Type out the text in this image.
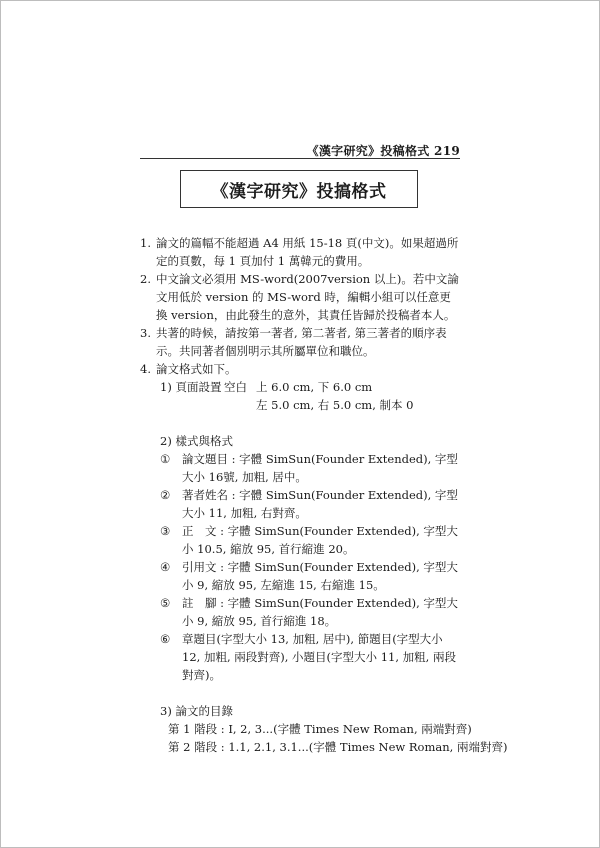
《漢字研究》投稿格式 219
《漢字研究》投搞格式
1. 論文的篇幅不能超過 A4 用紙 15-18 頁(中文)。如果超過所定的頁數，每 1 頁加付 1 萬韓元的費用。
2. 中文論文必須用 MS-word(2007version 以上)。若中文論文用低於 version 的 MS-word 時，編輯小組可以任意更換 version，由此發生的意外，其責任皆歸於投稿者本人。
3. 共著的時候，請按第一著者, 第二著者, 第三著者的順序表示。共同著者個別明示其所屬單位和職位。
4. 論文格式如下。
1) 頁面設置 空白 上 6.0 cm, 下 6.0 cm
左 5.0 cm, 右 5.0 cm, 制本 0
2) 樣式與格式
①	論文題目 : 字體 SimSun(Founder Extended), 字型大小 16號, 加粗, 居中。
②	著者姓名 : 字體 SimSun(Founder Extended), 字型大小 11, 加粗, 右對齊。
③	正　文 : 字體 SimSun(Founder Extended), 字型大小 10.5, 縮放 95, 首行縮進 20。
④	引用文 : 字體 SimSun(Founder Extended), 字型大小 9, 縮放 95, 左縮進 15, 右縮進 15。
⑤	註　腳 : 字體 SimSun(Founder Extended), 字型大小 9, 縮放 95, 首行縮進 18。
⑥	章題目(字型大小 13, 加粗, 居中), 節題目(字型大小 12, 加粗, 兩段對齊), 小題目(字型大小 11, 加粗, 兩段對齊)。
3) 論文的目錄
第 1 階段 : Ⅰ, 2, 3...(字體 Times New Roman, 兩端對齊)
第 2 階段 : 1.1, 2.1, 3.1...(字體 Times New Roman, 兩端對齊)
